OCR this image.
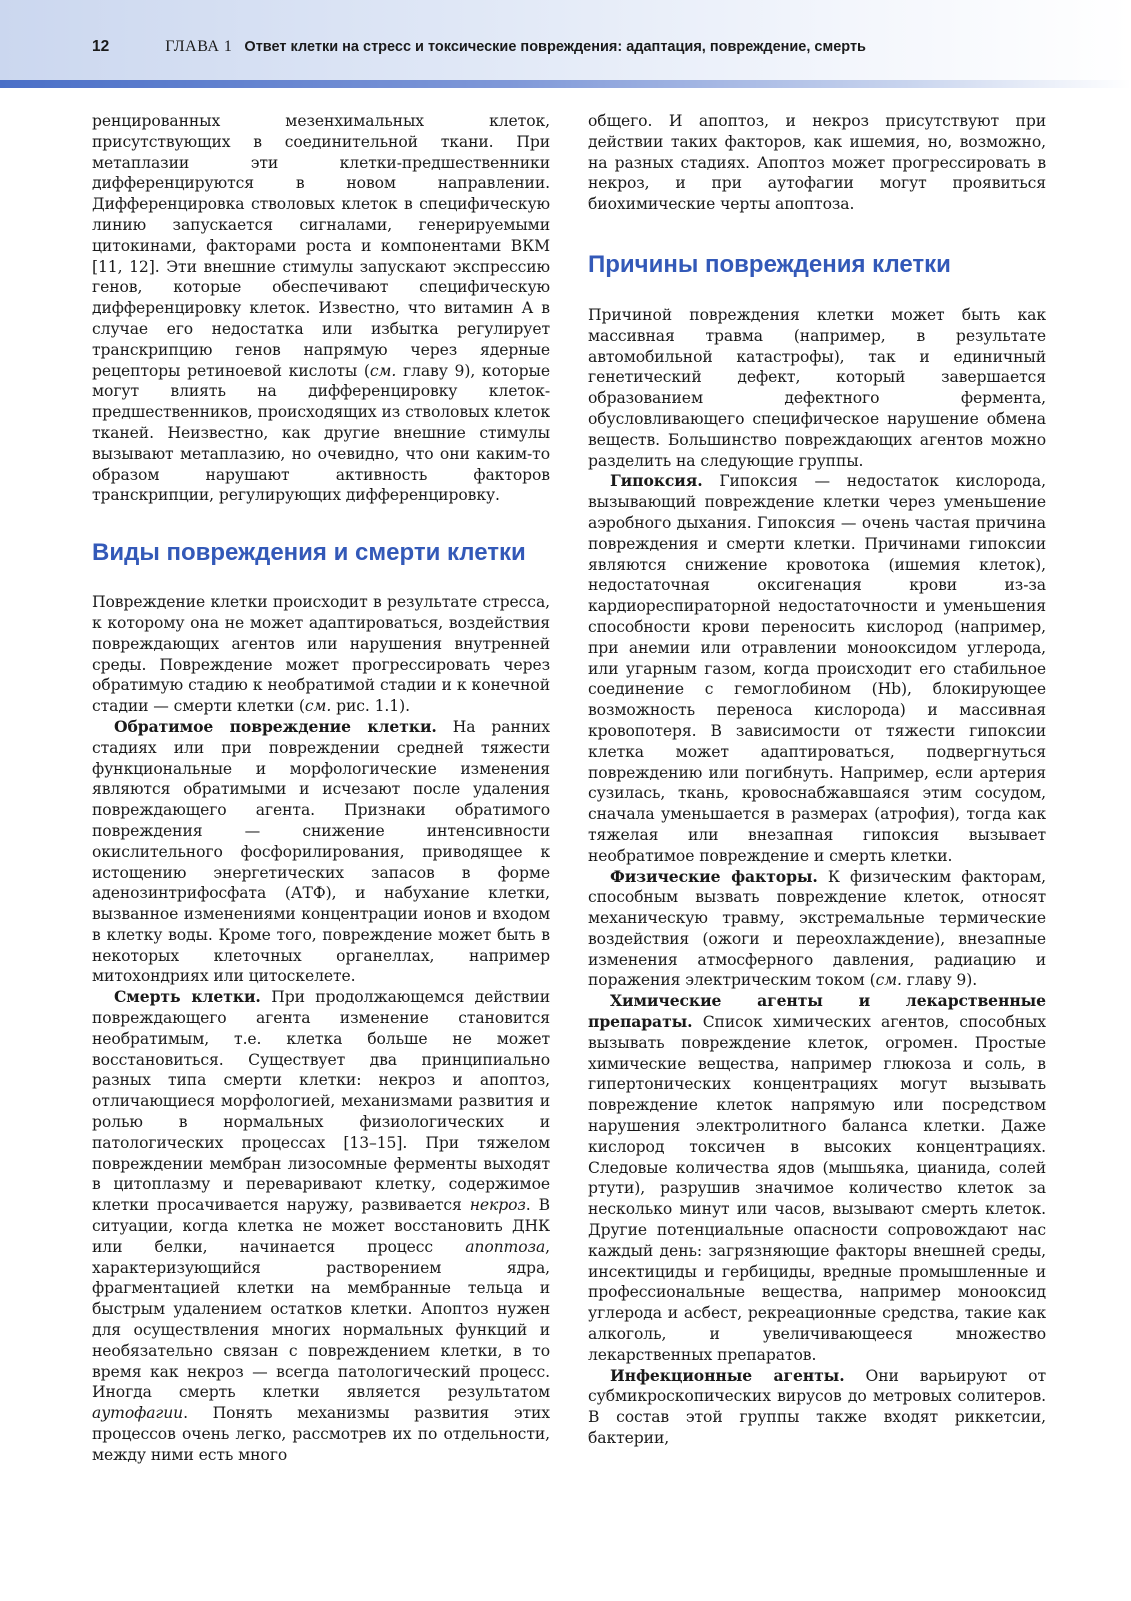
12	ГЛАВА 1 Ответ клетки на стресс и токсические повреждения: адаптация, повреждение, смерть

ренцированных мезенхимальных клеток, присутствующих в соединительной ткани. При метаплазии эти клетки-предшественники дифференцируются в новом направлении. Дифференцировка стволовых клеток в специфическую линию запускается сигналами, генерируемыми цитокинами, факторами роста и компонентами ВКМ [11, 12]. Эти внешние стимулы запускают экспрессию генов, которые обеспечивают специфическую дифференцировку клеток. Известно, что витамин А в случае его недостатка или избытка регулирует транскрипцию генов напрямую через ядерные рецепторы ретиноевой кислоты (см. главу 9), которые могут влиять на дифференцировку клеток-предшественников, происходящих из стволовых клеток тканей. Неизвестно, как другие внешние стимулы вызывают метаплазию, но очевидно, что они каким-то образом нарушают активность факторов транскрипции, регулирующих дифференцировку.

Виды повреждения и смерти клетки

Повреждение клетки происходит в результате стресса, к которому она не может адаптироваться, воздействия повреждающих агентов или нарушения внутренней среды. Повреждение может прогрессировать через обратимую стадию к необратимой стадии и к конечной стадии — смерти клетки (см. рис. 1.1).

Обратимое повреждение клетки. На ранних стадиях или при повреждении средней тяжести функциональные и морфологические изменения являются обратимыми и исчезают после удаления повреждающего агента. Признаки обратимого повреждения — снижение интенсивности окислительного фосфорилирования, приводящее к истощению энергетических запасов в форме аденозинтрифосфата (АТФ), и набухание клетки, вызванное изменениями концентрации ионов и входом в клетку воды. Кроме того, повреждение может быть в некоторых клеточных органеллах, например митохондриях или цитоскелете.

Смерть клетки. При продолжающемся действии повреждающего агента изменение становится необратимым, т.е. клетка больше не может восстановиться. Существует два принципиально разных типа смерти клетки: некроз и апоптоз, отличающиеся морфологией, механизмами развития и ролью в нормальных физиологических и патологических процессах [13–15]. При тяжелом повреждении мембран лизосомные ферменты выходят в цитоплазму и переваривают клетку, содержимое клетки просачивается наружу, развивается некроз. В ситуации, когда клетка не может восстановить ДНК или белки, начинается процесс апоптоза, характеризующийся растворением ядра, фрагментацией клетки на мембранные тельца и быстрым удалением остатков клетки. Апоптоз нужен для осуществления многих нормальных функций и необязательно связан с повреждением клетки, в то время как некроз — всегда патологический процесс. Иногда смерть клетки является результатом аутофагии. Понять механизмы развития этих процессов очень легко, рассмотрев их по отдельности, между ними есть много

общего. И апоптоз, и некроз присутствуют при действии таких факторов, как ишемия, но, возможно, на разных стадиях. Апоптоз может прогрессировать в некроз, и при аутофагии могут проявиться биохимические черты апоптоза.

Причины повреждения клетки

Причиной повреждения клетки может быть как массивная травма (например, в результате автомобильной катастрофы), так и единичный генетический дефект, который завершается образованием дефектного фермента, обусловливающего специфическое нарушение обмена веществ. Большинство повреждающих агентов можно разделить на следующие группы.

Гипоксия. Гипоксия — недостаток кислорода, вызывающий повреждение клетки через уменьшение аэробного дыхания. Гипоксия — очень частая причина повреждения и смерти клетки. Причинами гипоксии являются снижение кровотока (ишемия клеток), недостаточная оксигенация крови из-за кардиореспираторной недостаточности и уменьшения способности крови переносить кислород (например, при анемии или отравлении монооксидом углерода, или угарным газом, когда происходит его стабильное соединение с гемоглобином (Hb), блокирующее возможность переноса кислорода) и массивная кровопотеря. В зависимости от тяжести гипоксии клетка может адаптироваться, подвергнуться повреждению или погибнуть. Например, если артерия сузилась, ткань, кровоснабжавшаяся этим сосудом, сначала уменьшается в размерах (атрофия), тогда как тяжелая или внезапная гипоксия вызывает необратимое повреждение и смерть клетки.

Физические факторы. К физическим факторам, способным вызвать повреждение клеток, относят механическую травму, экстремальные термические воздействия (ожоги и переохлаждение), внезапные изменения атмосферного давления, радиацию и поражения электрическим током (см. главу 9).

Химические агенты и лекарственные препараты. Список химических агентов, способных вызывать повреждение клеток, огромен. Простые химические вещества, например глюкоза и соль, в гипертонических концентрациях могут вызывать повреждение клеток напрямую или посредством нарушения электролитного баланса клетки. Даже кислород токсичен в высоких концентрациях. Следовые количества ядов (мышьяка, цианида, солей ртути), разрушив значимое количество клеток за несколько минут или часов, вызывают смерть клеток. Другие потенциальные опасности сопровождают нас каждый день: загрязняющие факторы внешней среды, инсектициды и гербициды, вредные промышленные и профессиональные вещества, например монооксид углерода и асбест, рекреационные средства, такие как алкоголь, и увеличивающееся множество лекарственных препаратов.

Инфекционные агенты. Они варьируют от субмикроскопических вирусов до метровых солитеров. В состав этой группы также входят риккетсии, бактерии,
